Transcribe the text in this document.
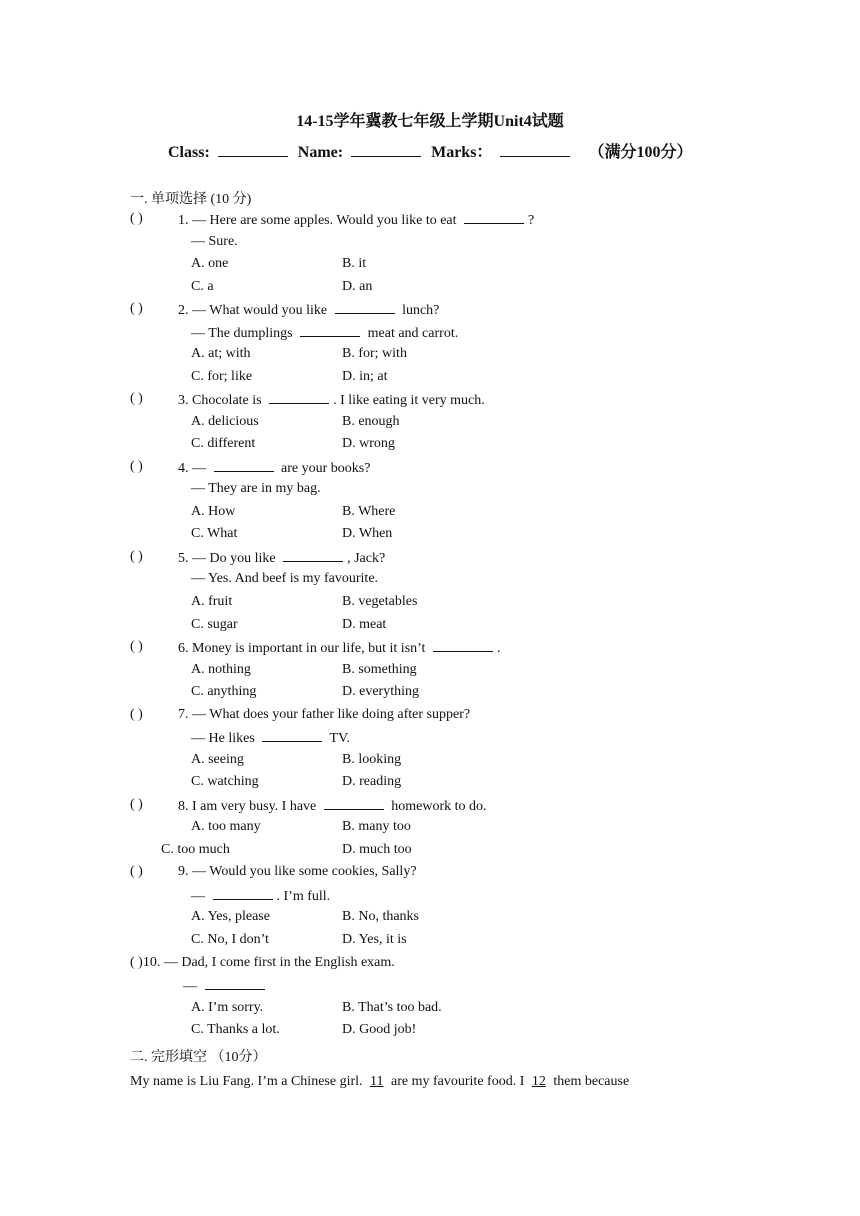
14-15学年冀教七年级上学期Unit4试题
Class:	Name:	Marks：	（满分100分）
一. 单项选择 (10 分)
( )	1. — Here are some apples. Would you like to eat	?
— Sure.
A. one	B. it
C. a	D. an
( )	2. — What would you like	lunch?
— The dumplings	meat and carrot.
A. at; with	B. for; with
C. for; like	D. in; at
( )	3. Chocolate is	. I like eating it very much.
A. delicious	B. enough
C. different	D. wrong
( )	4. —	are your books?
— They are in my bag.
A. How	B. Where
C. What	D. When
( )	5. — Do you like	, Jack?
— Yes. And beef is my favourite.
A. fruit	B. vegetables
C. sugar	D. meat
( )	6. Money is important in our life, but it isn’t	.
A. nothing	B. something
C. anything	D. everything
( )	7. — What does your father like doing after supper?
— He likes	TV.
A. seeing	B. looking
C. watching	D. reading
( )	8. I am very busy. I have	homework to do.
A. too many	B. many too
C. too much	D. much too
( )	9. — Would you like some cookies, Sally?
—	. I’m full.
A. Yes, please	B. No, thanks
C. No, I don’t	D. Yes, it is
( )10. — Dad, I come first in the English exam.
—
A. I’m sorry.	B. That’s too bad.
C. Thanks a lot.	D. Good job!
二. 完形填空 （10分）
My name is Liu Fang. I’m a Chinese girl. 11 are my favourite food. I 12 them because
